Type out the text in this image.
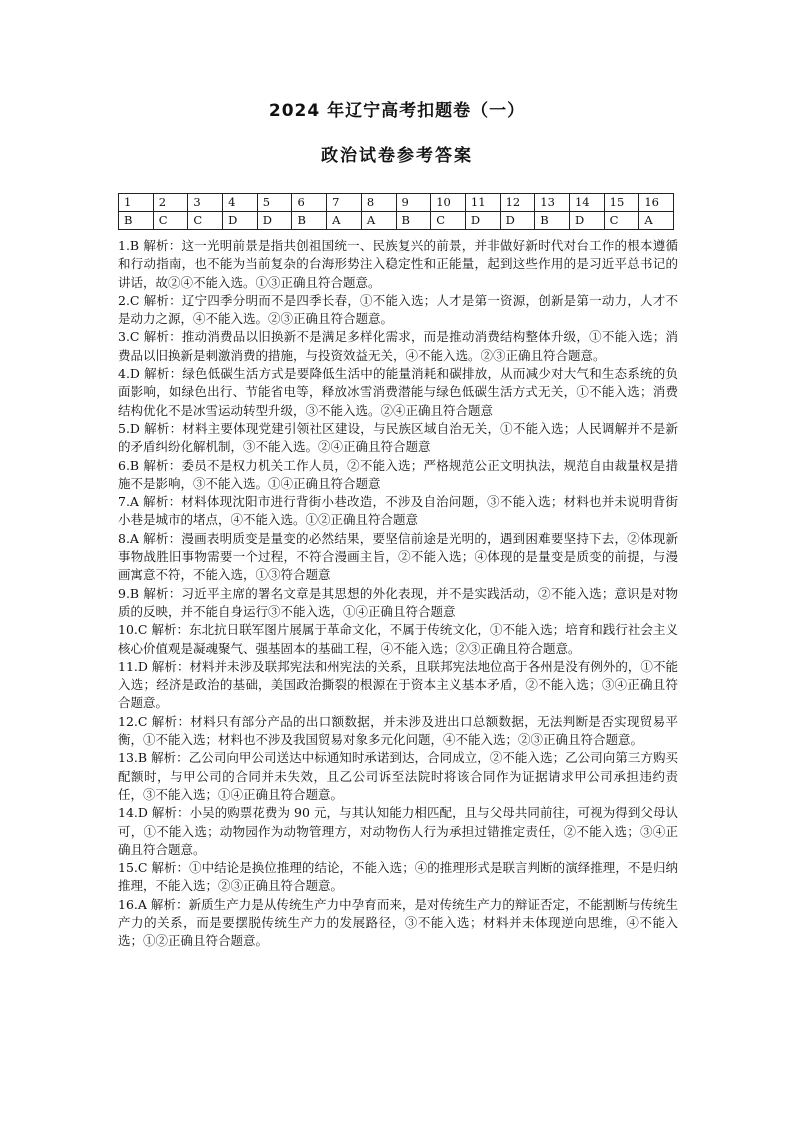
2024 年辽宁高考扣题卷（一）
政治试卷参考答案
1	2	3	4	5	6	7	8	9	10	11	12	13	14	15	16
B	C	C	D	D	B	A	A	B	C	D	D	B	D	C	A

1.B 解析：这一光明前景是指共创祖国统一、民族复兴的前景，并非做好新时代对台工作的根本遵循和行动指南，也不能为当前复杂的台海形势注入稳定性和正能量，起到这些作用的是习近平总书记的讲话，故②④不能入选。①③正确且符合题意。

2.C 解析：辽宁四季分明而不是四季长春，①不能入选；人才是第一资源，创新是第一动力，人才不是动力之源，④不能入选。②③正确且符合题意。

3.C 解析：推动消费品以旧换新不是满足多样化需求，而是推动消费结构整体升级，①不能入选；消费品以旧换新是刺激消费的措施，与投资效益无关，④不能入选。②③正确且符合题意。

4.D 解析：绿色低碳生活方式是要降低生活中的能量消耗和碳排放，从而减少对大气和生态系统的负面影响，如绿色出行、节能省电等，释放冰雪消费潜能与绿色低碳生活方式无关，①不能入选；消费结构优化不是冰雪运动转型升级，③不能入选。②④正确且符合题意

5.D 解析：材料主要体现党建引领社区建设，与民族区域自治无关，①不能入选；人民调解并不是新的矛盾纠纷化解机制，③不能入选。②④正确且符合题意

6.B 解析：委员不是权力机关工作人员，②不能入选；严格规范公正文明执法，规范自由裁量权是措施不是影响，③不能入选。①④正确且符合题意

7.A 解析：材料体现沈阳市进行背街小巷改造，不涉及自治问题，③不能入选；材料也并未说明背街小巷是城市的堵点，④不能入选。①②正确且符合题意

8.A 解析：漫画表明质变是量变的必然结果，要坚信前途是光明的，遇到困难要坚持下去，②体现新事物战胜旧事物需要一个过程，不符合漫画主旨，②不能入选；④体现的是量变是质变的前提，与漫画寓意不符，不能入选，①③符合题意

9.B 解析：习近平主席的署名文章是其思想的外化表现，并不是实践活动，②不能入选；意识是对物质的反映，并不能自身运行③不能入选，①④正确且符合题意

10.C 解析：东北抗日联军图片展属于革命文化，不属于传统文化，①不能入选；培育和践行社会主义核心价值观是凝魂聚气、强基固本的基础工程，④不能入选；②③正确且符合题意。

11.D 解析：材料并未涉及联邦宪法和州宪法的关系，且联邦宪法地位高于各州是没有例外的，①不能入选；经济是政治的基础，美国政治撕裂的根源在于资本主义基本矛盾，②不能入选；③④正确且符合题意。

12.C 解析：材料只有部分产品的出口额数据，并未涉及进出口总额数据，无法判断是否实现贸易平衡，①不能入选；材料也不涉及我国贸易对象多元化问题，④不能入选；②③正确且符合题意。

13.B 解析：乙公司向甲公司送达中标通知时承诺到达，合同成立，②不能入选；乙公司向第三方购买配额时，与甲公司的合同并未失效，且乙公司诉至法院时将该合同作为证据请求甲公司承担违约责任，③不能入选；①④正确且符合题意。

14.D 解析：小吴的购票花费为 90 元，与其认知能力相匹配，且与父母共同前往，可视为得到父母认可，①不能入选；动物园作为动物管理方，对动物伤人行为承担过错推定责任，②不能入选；③④正确且符合题意。

15.C 解析：①中结论是换位推理的结论，不能入选；④的推理形式是联言判断的演绎推理，不是归纳推理，不能入选；②③正确且符合题意。

16.A 解析：新质生产力是从传统生产力中孕育而来，是对传统生产力的辩证否定，不能割断与传统生产力的关系，而是要摆脱传统生产力的发展路径，③不能入选；材料并未体现逆向思维，④不能入选；①②正确且符合题意。
